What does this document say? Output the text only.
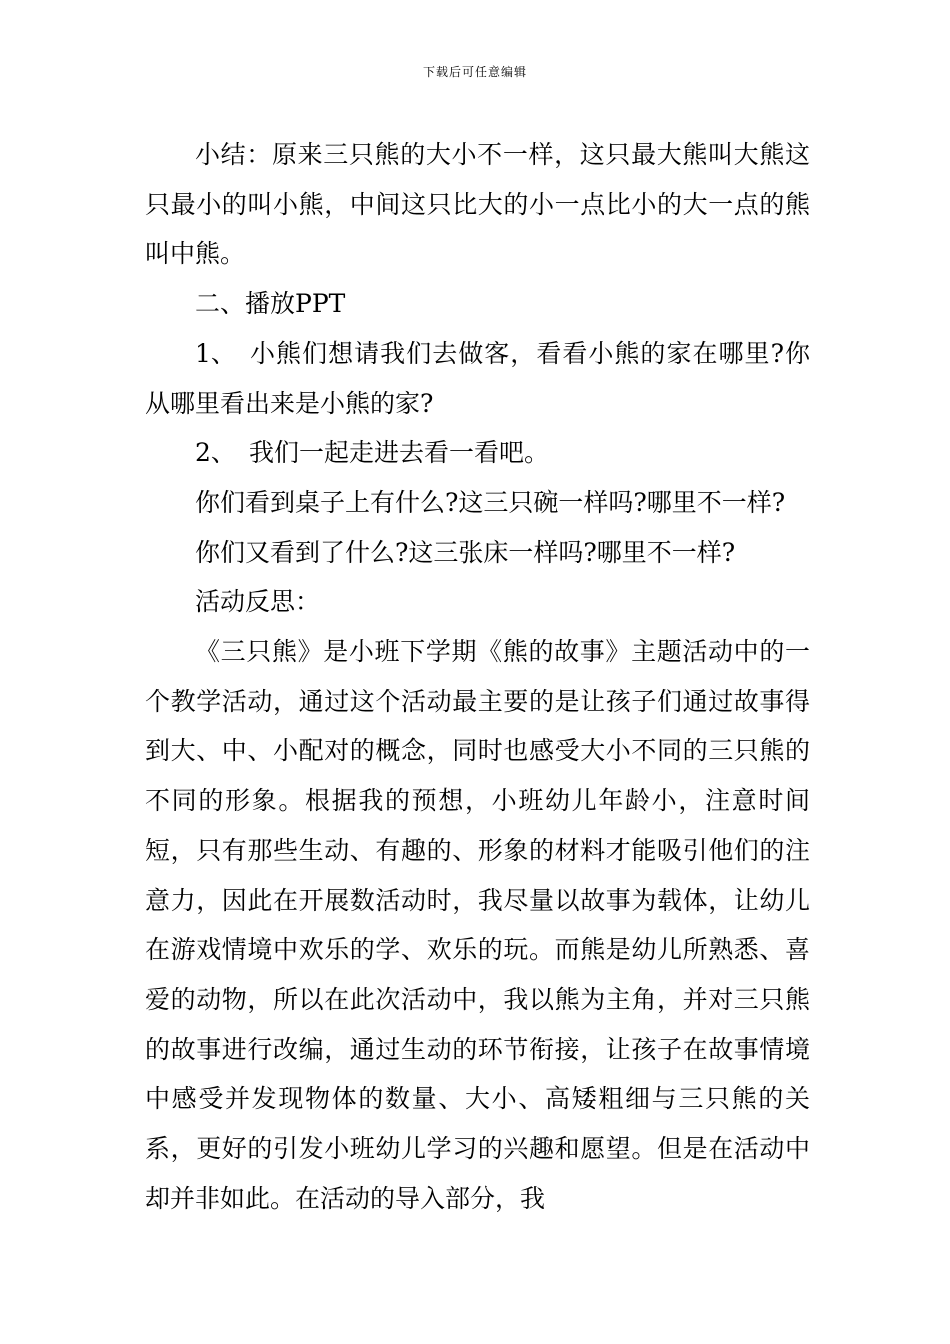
下载后可任意编辑

小结：原来三只熊的大小不一样，这只最大熊叫大熊这只最小的叫小熊，中间这只比大的小一点比小的大一点的熊叫中熊。

二、播放PPT

1、 小熊们想请我们去做客，看看小熊的家在哪里?你从哪里看出来是小熊的家?

2、 我们一起走进去看一看吧。

你们看到桌子上有什么?这三只碗一样吗?哪里不一样?

你们又看到了什么?这三张床一样吗?哪里不一样?

活动反思：

《三只熊》是小班下学期《熊的故事》主题活动中的一个教学活动，通过这个活动最主要的是让孩子们通过故事得到大、中、小配对的概念，同时也感受大小不同的三只熊的不同的形象。根据我的预想，小班幼儿年龄小，注意时间短，只有那些生动、有趣的、形象的材料才能吸引他们的注意力，因此在开展数活动时，我尽量以故事为载体，让幼儿在游戏情境中欢乐的学、欢乐的玩。而熊是幼儿所熟悉、喜爱的动物，所以在此次活动中，我以熊为主角，并对三只熊的故事进行改编，通过生动的环节衔接，让孩子在故事情境中感受并发现物体的数量、大小、高矮粗细与三只熊的关系，更好的引发小班幼儿学习的兴趣和愿望。但是在活动中却并非如此。在活动的导入部分，我
